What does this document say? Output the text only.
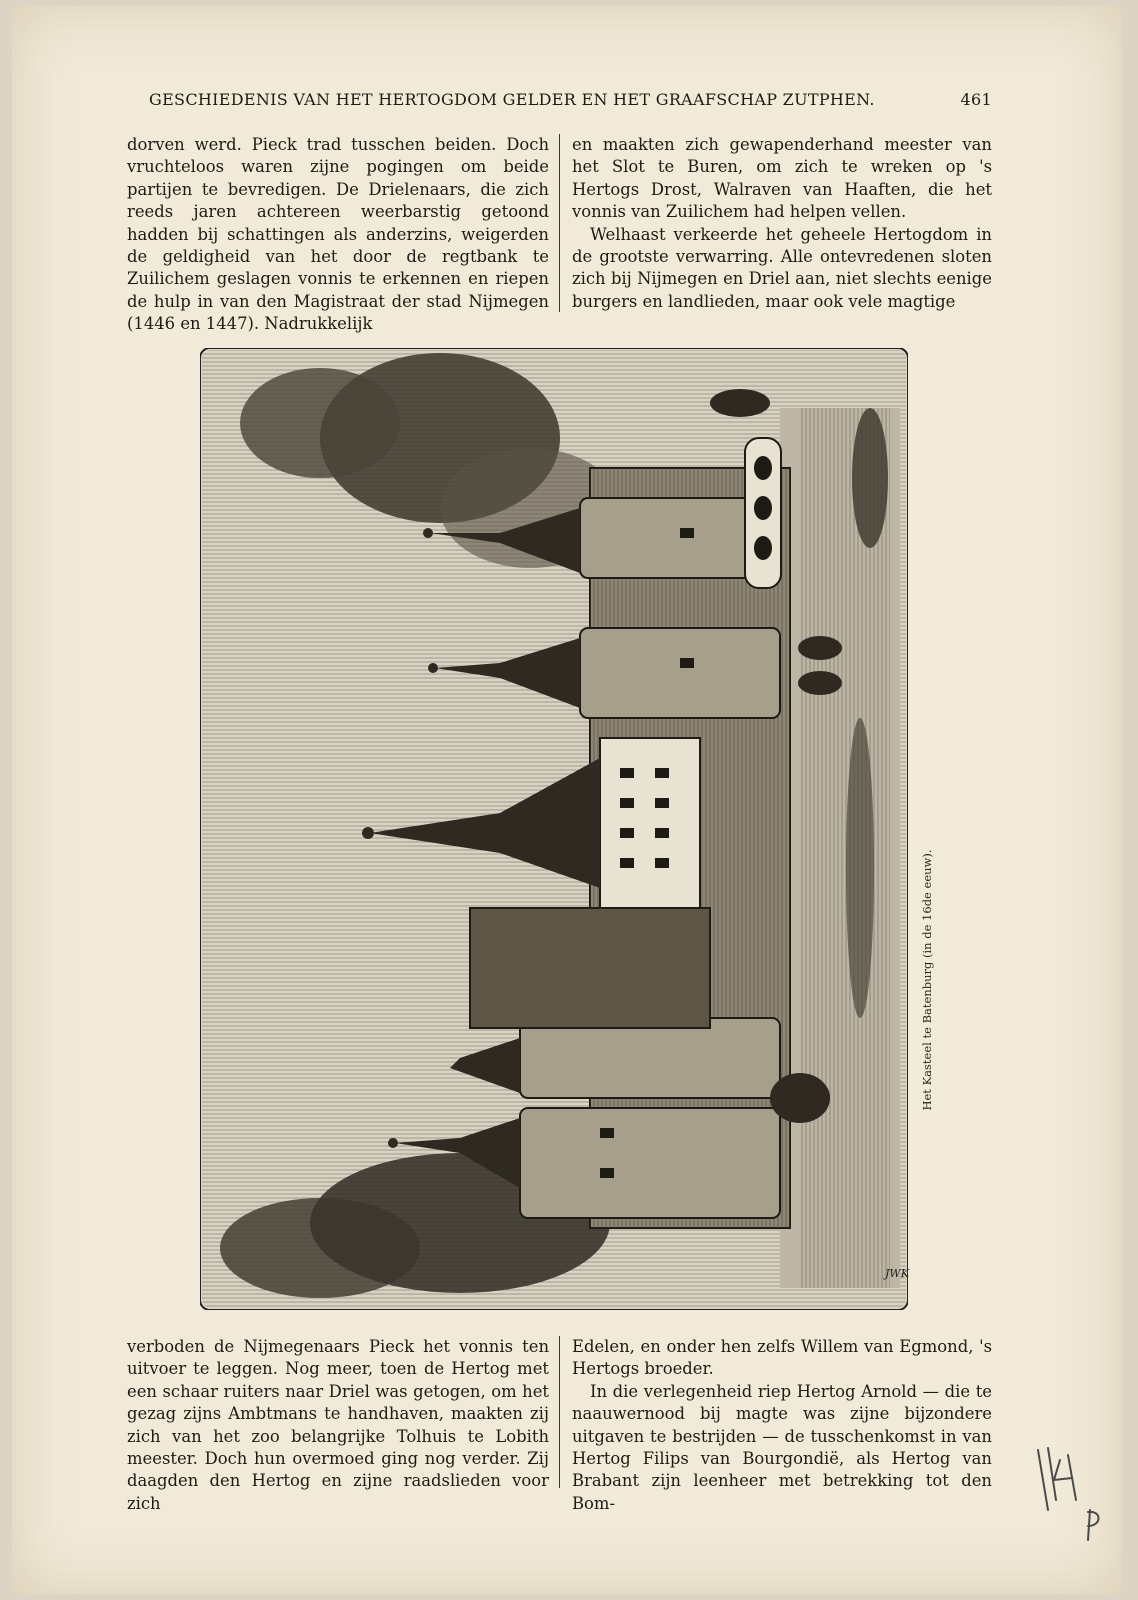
GESCHIEDENIS VAN HET HERTOGDOM GELDER EN HET GRAAFSCHAP ZUTPHEN.	461

dorven werd. Pieck trad tusschen beiden. Doch vruchteloos waren zijne pogingen om beide partijen te bevredigen. De Drielenaars, die zich reeds jaren achtereen weerbarstig getoond hadden bij schattingen als anderzins, weigerden de geldigheid van het door de regtbank te Zuilichem geslagen vonnis te erkennen en riepen de hulp in van den Magistraat der stad Nijmegen (1446 en 1447). Nadrukkelijk

en maakten zich gewapenderhand meester van het Slot te Buren, om zich te wreken op 's Hertogs Drost, Walraven van Haaften, die het vonnis van Zuilichem had helpen vellen.

Welhaast verkeerde het geheele Hertogdom in de grootste verwarring. Alle ontevredenen sloten zich bij Nijmegen en Driel aan, niet slechts eenige burgers en landlieden, maar ook vele magtige

Het Kasteel te Batenburg (in de 16de eeuw).
JWK

verboden de Nijmegenaars Pieck het vonnis ten uitvoer te leggen. Nog meer, toen de Hertog met een schaar ruiters naar Driel was getogen, om het gezag zijns Ambtmans te handhaven, maakten zij zich van het zoo belangrijke Tolhuis te Lobith meester. Doch hun overmoed ging nog verder. Zij daagden den Hertog en zijne raadslieden voor zich

Edelen, en onder hen zelfs Willem van Egmond, 's Hertogs broeder.

In die verlegenheid riep Hertog Arnold — die te naauwernood bij magte was zijne bijzondere uitgaven te bestrijden — de tusschenkomst in van Hertog Filips van Bourgondië, als Hertog van Brabant zijn leenheer met betrekking tot den Bom-
